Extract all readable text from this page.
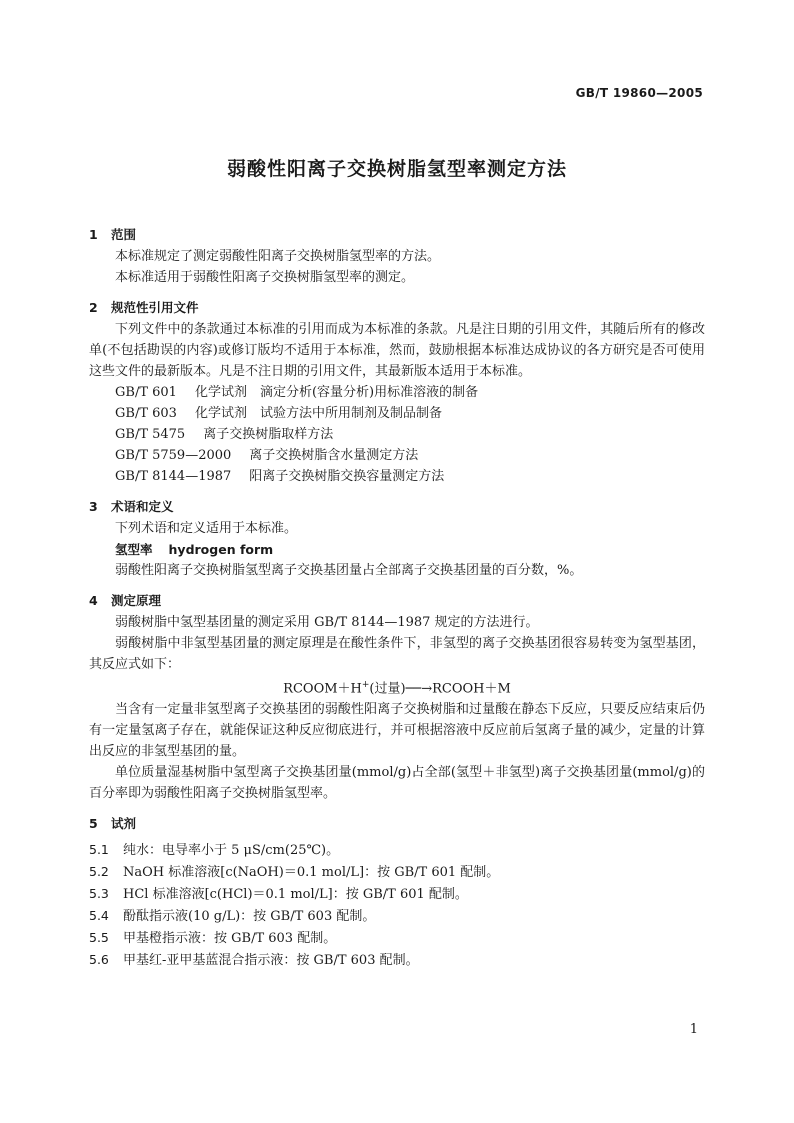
GB/T 19860—2005
弱酸性阳离子交换树脂氢型率测定方法
1 范围

本标准规定了测定弱酸性阳离子交换树脂氢型率的方法。

本标准适用于弱酸性阳离子交换树脂氢型率的测定。

2 规范性引用文件

下列文件中的条款通过本标准的引用而成为本标准的条款。凡是注日期的引用文件，其随后所有的修改单(不包括勘误的内容)或修订版均不适用于本标准，然而，鼓励根据本标准达成协议的各方研究是否可使用这些文件的最新版本。凡是不注日期的引用文件，其最新版本适用于本标准。

GB/T 601 化学试剂　滴定分析(容量分析)用标准溶液的制备

GB/T 603 化学试剂　试验方法中所用制剂及制品制备

GB/T 5475 离子交换树脂取样方法

GB/T 5759—2000 离子交换树脂含水量测定方法

GB/T 8144—1987 阳离子交换树脂交换容量测定方法

3 术语和定义

下列术语和定义适用于本标准。

氢型率 hydrogen form

弱酸性阳离子交换树脂氢型离子交换基团量占全部离子交换基团量的百分数，%。

4 测定原理

弱酸树脂中氢型基团量的测定采用 GB/T 8144—1987 规定的方法进行。

弱酸树脂中非氢型基团量的测定原理是在酸性条件下，非氢型的离子交换基团很容易转变为氢型基团，其反应式如下：

RCOOM＋H+(过量)──→RCOOH＋M

当含有一定量非氢型离子交换基团的弱酸性阳离子交换树脂和过量酸在静态下反应，只要反应结束后仍有一定量氢离子存在，就能保证这种反应彻底进行，并可根据溶液中反应前后氢离子量的减少，定量的计算出反应的非氢型基团的量。

单位质量湿基树脂中氢型离子交换基团量(mmol/g)占全部(氢型＋非氢型)离子交换基团量(mmol/g)的百分率即为弱酸性阳离子交换树脂氢型率。

5 试剂

5.1 纯水：电导率小于 5 μS/cm(25℃)。

5.2 NaOH 标准溶液[c(NaOH)＝0.1 mol/L]：按 GB/T 601 配制。

5.3 HCl 标准溶液[c(HCl)＝0.1 mol/L]：按 GB/T 601 配制。

5.4 酚酞指示液(10 g/L)：按 GB/T 603 配制。

5.5 甲基橙指示液：按 GB/T 603 配制。

5.6 甲基红-亚甲基蓝混合指示液：按 GB/T 603 配制。

1
